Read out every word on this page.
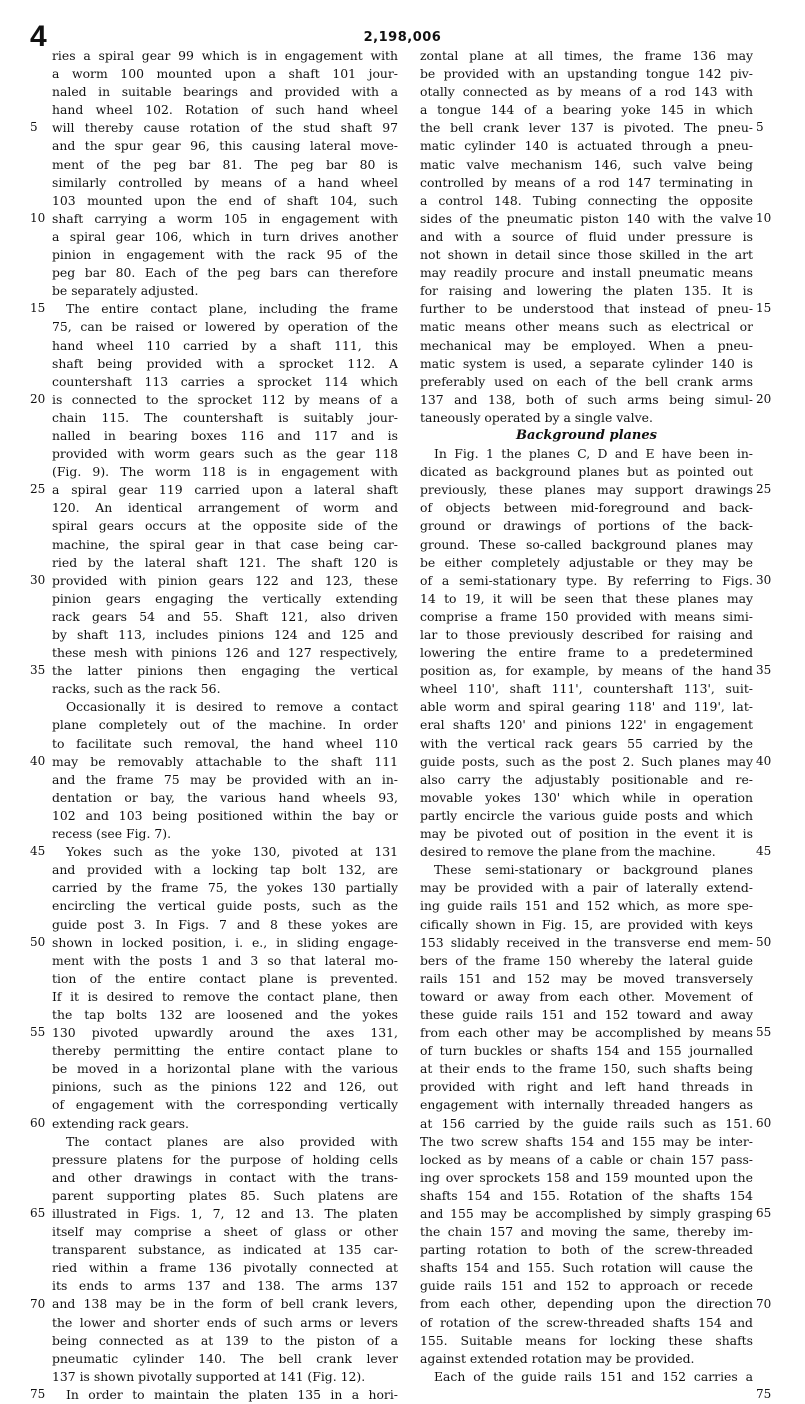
4	2,198,006
ries a spiral gear 99 which is in engagement with
a worm 100 mounted upon a shaft 101 jour-
naled in suitable bearings and provided with a
hand wheel 102. Rotation of such hand wheel
will thereby cause rotation of the stud shaft 97
and the spur gear 96, this causing lateral move-
ment of the peg bar 81. The peg bar 80 is
similarly controlled by means of a hand wheel
103 mounted upon the end of shaft 104, such
shaft carrying a worm 105 in engagement with
a spiral gear 106, which in turn drives another
pinion in engagement with the rack 95 of the
peg bar 80. Each of the peg bars can therefore
be separately adjusted.
The entire contact plane, including the frame
75, can be raised or lowered by operation of the
hand wheel 110 carried by a shaft 111, this
shaft being provided with a sprocket 112. A
countershaft 113 carries a sprocket 114 which
is connected to the sprocket 112 by means of a
chain 115. The countershaft is suitably jour-
nalled in bearing boxes 116 and 117 and is
provided with worm gears such as the gear 118
(Fig. 9). The worm 118 is in engagement with
a spiral gear 119 carried upon a lateral shaft
120. An identical arrangement of worm and
spiral gears occurs at the opposite side of the
machine, the spiral gear in that case being car-
ried by the lateral shaft 121. The shaft 120 is
provided with pinion gears 122 and 123, these
pinion gears engaging the vertically extending
rack gears 54 and 55. Shaft 121, also driven
by shaft 113, includes pinions 124 and 125 and
these mesh with pinions 126 and 127 respectively,
the latter pinions then engaging the vertical
racks, such as the rack 56.
Occasionally it is desired to remove a contact
plane completely out of the machine. In order
to facilitate such removal, the hand wheel 110
may be removably attachable to the shaft 111
and the frame 75 may be provided with an in-
dentation or bay, the various hand wheels 93,
102 and 103 being positioned within the bay or
recess (see Fig. 7).
Yokes such as the yoke 130, pivoted at 131
and provided with a locking tap bolt 132, are
carried by the frame 75, the yokes 130 partially
encircling the vertical guide posts, such as the
guide post 3. In Figs. 7 and 8 these yokes are
shown in locked position, i. e., in sliding engage-
ment with the posts 1 and 3 so that lateral mo-
tion of the entire contact plane is prevented.
If it is desired to remove the contact plane, then
the tap bolts 132 are loosened and the yokes
130 pivoted upwardly around the axes 131,
thereby permitting the entire contact plane to
be moved in a horizontal plane with the various
pinions, such as the pinions 122 and 126, out
of engagement with the corresponding vertically
extending rack gears.
The contact planes are also provided with
pressure platens for the purpose of holding cells
and other drawings in contact with the trans-
parent supporting plates 85. Such platens are
illustrated in Figs. 1, 7, 12 and 13. The platen
itself may comprise a sheet of glass or other
transparent substance, as indicated at 135 car-
ried within a frame 136 pivotally connected at
its ends to arms 137 and 138. The arms 137
and 138 may be in the form of bell crank levers,
the lower and shorter ends of such arms or levers
being connected as at 139 to the piston of a
pneumatic cylinder 140. The bell crank lever
137 is shown pivotally supported at 141 (Fig. 12).
In order to maintain the platen 135 in a hori-
zontal plane at all times, the frame 136 may
be provided with an upstanding tongue 142 piv-
otally connected as by means of a rod 143 with
a tongue 144 of a bearing yoke 145 in which
the bell crank lever 137 is pivoted. The pneu-
matic cylinder 140 is actuated through a pneu-
matic valve mechanism 146, such valve being
controlled by means of a rod 147 terminating in
a control 148. Tubing connecting the opposite
sides of the pneumatic piston 140 with the valve
and with a source of fluid under pressure is
not shown in detail since those skilled in the art
may readily procure and install pneumatic means
for raising and lowering the platen 135. It is
further to be understood that instead of pneu-
matic means other means such as electrical or
mechanical may be employed. When a pneu-
matic system is used, a separate cylinder 140 is
preferably used on each of the bell crank arms
137 and 138, both of such arms being simul-
taneously operated by a single valve.
Background planes
In Fig. 1 the planes C, D and E have been in-
dicated as background planes but as pointed out
previously, these planes may support drawings
of objects between mid-foreground and back-
ground or drawings of portions of the back-
ground. These so-called background planes may
be either completely adjustable or they may be
of a semi-stationary type. By referring to Figs.
14 to 19, it will be seen that these planes may
comprise a frame 150 provided with means simi-
lar to those previously described for raising and
lowering the entire frame to a predetermined
position as, for example, by means of the hand
wheel 110', shaft 111', countershaft 113', suit-
able worm and spiral gearing 118' and 119', lat-
eral shafts 120' and pinions 122' in engagement
with the vertical rack gears 55 carried by the
guide posts, such as the post 2. Such planes may
also carry the adjustably positionable and re-
movable yokes 130' which while in operation
partly encircle the various guide posts and which
may be pivoted out of position in the event it is
desired to remove the plane from the machine.
These semi-stationary or background planes
may be provided with a pair of laterally extend-
ing guide rails 151 and 152 which, as more spe-
cifically shown in Fig. 15, are provided with keys
153 slidably received in the transverse end mem-
bers of the frame 150 whereby the lateral guide
rails 151 and 152 may be moved transversely
toward or away from each other. Movement of
these guide rails 151 and 152 toward and away
from each other may be accomplished by means
of turn buckles or shafts 154 and 155 journalled
at their ends to the frame 150, such shafts being
provided with right and left hand threads in
engagement with internally threaded hangers as
at 156 carried by the guide rails such as 151.
The two screw shafts 154 and 155 may be inter-
locked as by means of a cable or chain 157 pass-
ing over sprockets 158 and 159 mounted upon the
shafts 154 and 155. Rotation of the shafts 154
and 155 may be accomplished by simply grasping
the chain 157 and moving the same, thereby im-
parting rotation to both of the screw-threaded
shafts 154 and 155. Such rotation will cause the
guide rails 151 and 152 to approach or recede
from each other, depending upon the direction
of rotation of the screw-threaded shafts 154 and
155. Suitable means for locking these shafts
against extended rotation may be provided.
Each of the guide rails 151 and 152 carries a
5	5
10	10
15	15
20	20
25	25
30	30
35	35
40	40
45	45
50	50
55	55
60	60
65	65
70	70
75	75
